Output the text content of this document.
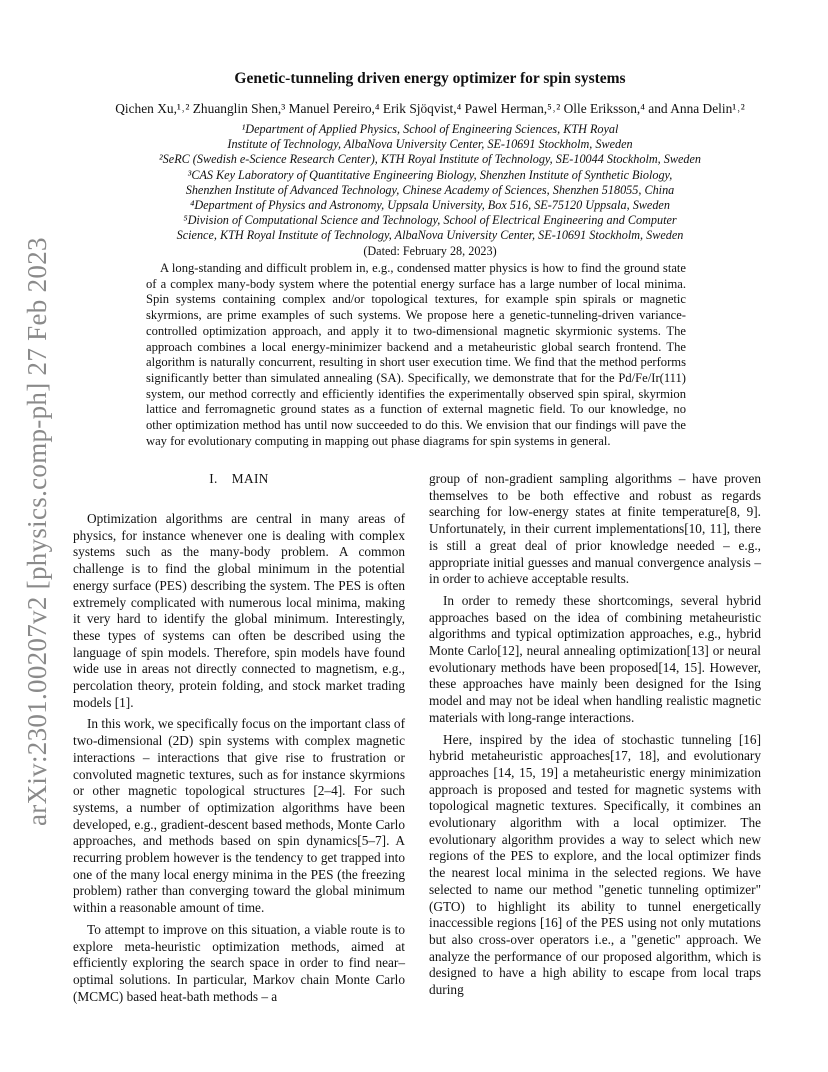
arXiv:2301.00207v2 [physics.comp-ph] 27 Feb 2023
Genetic-tunneling driven energy optimizer for spin systems
Qichen Xu,¹˒² Zhuanglin Shen,³ Manuel Pereiro,⁴ Erik Sjöqvist,⁴ Pawel Herman,⁵˒² Olle Eriksson,⁴ and Anna Delin¹˒²
¹Department of Applied Physics, School of Engineering Sciences, KTH Royal
Institute of Technology, AlbaNova University Center, SE-10691 Stockholm, Sweden
²SeRC (Swedish e-Science Research Center), KTH Royal Institute of Technology, SE-10044 Stockholm, Sweden
³CAS Key Laboratory of Quantitative Engineering Biology, Shenzhen Institute of Synthetic Biology,
Shenzhen Institute of Advanced Technology, Chinese Academy of Sciences, Shenzhen 518055, China
⁴Department of Physics and Astronomy, Uppsala University, Box 516, SE-75120 Uppsala, Sweden
⁵Division of Computational Science and Technology, School of Electrical Engineering and Computer
Science, KTH Royal Institute of Technology, AlbaNova University Center, SE-10691 Stockholm, Sweden
(Dated: February 28, 2023)

A long-standing and difficult problem in, e.g., condensed matter physics is how to find the ground state of a complex many-body system where the potential energy surface has a large number of local minima. Spin systems containing complex and/or topological textures, for example spin spirals or magnetic skyrmions, are prime examples of such systems. We propose here a genetic-tunneling-driven variance-controlled optimization approach, and apply it to two-dimensional magnetic skyrmionic systems. The approach combines a local energy-minimizer backend and a metaheuristic global search frontend. The algorithm is naturally concurrent, resulting in short user execution time. We find that the method performs significantly better than simulated annealing (SA). Specifically, we demonstrate that for the Pd/Fe/Ir(111) system, our method correctly and efficiently identifies the experimentally observed spin spiral, skyrmion lattice and ferromagnetic ground states as a function of external magnetic field. To our knowledge, no other optimization method has until now succeeded to do this. We envision that our findings will pave the way for evolutionary computing in mapping out phase diagrams for spin systems in general.

I. MAIN

Optimization algorithms are central in many areas of physics, for instance whenever one is dealing with complex systems such as the many-body problem. A common challenge is to find the global minimum in the potential energy surface (PES) describing the system. The PES is often extremely complicated with numerous local minima, making it very hard to identify the global minimum. Interestingly, these types of systems can often be described using the language of spin models. Therefore, spin models have found wide use in areas not directly connected to magnetism, e.g., percolation theory, protein folding, and stock market trading models [1].

In this work, we specifically focus on the important class of two-dimensional (2D) spin systems with complex magnetic interactions – interactions that give rise to frustration or convoluted magnetic textures, such as for instance skyrmions or other magnetic topological structures [2–4]. For such systems, a number of optimization algorithms have been developed, e.g., gradient-descent based methods, Monte Carlo approaches, and methods based on spin dynamics[5–7]. A recurring problem however is the tendency to get trapped into one of the many local energy minima in the PES (the freezing problem) rather than converging toward the global minimum within a reasonable amount of time.

To attempt to improve on this situation, a viable route is to explore meta-heuristic optimization methods, aimed at efficiently exploring the search space in order to find near–optimal solutions. In particular, Markov chain Monte Carlo (MCMC) based heat-bath methods – a

group of non-gradient sampling algorithms – have proven themselves to be both effective and robust as regards searching for low-energy states at finite temperature[8, 9]. Unfortunately, in their current implementations[10, 11], there is still a great deal of prior knowledge needed – e.g., appropriate initial guesses and manual convergence analysis – in order to achieve acceptable results.

In order to remedy these shortcomings, several hybrid approaches based on the idea of combining metaheuristic algorithms and typical optimization approaches, e.g., hybrid Monte Carlo[12], neural annealing optimization[13] or neural evolutionary methods have been proposed[14, 15]. However, these approaches have mainly been designed for the Ising model and may not be ideal when handling realistic magnetic materials with long-range interactions.

Here, inspired by the idea of stochastic tunneling [16] hybrid metaheuristic approaches[17, 18], and evolutionary approaches [14, 15, 19] a metaheuristic energy minimization approach is proposed and tested for magnetic systems with topological magnetic textures. Specifically, it combines an evolutionary algorithm with a local optimizer. The evolutionary algorithm provides a way to select which new regions of the PES to explore, and the local optimizer finds the nearest local minima in the selected regions. We have selected to name our method "genetic tunneling optimizer" (GTO) to highlight its ability to tunnel energetically inaccessible regions [16] of the PES using not only mutations but also cross-over operators i.e., a "genetic" approach. We analyze the performance of our proposed algorithm, which is designed to have a high ability to escape from local traps during
